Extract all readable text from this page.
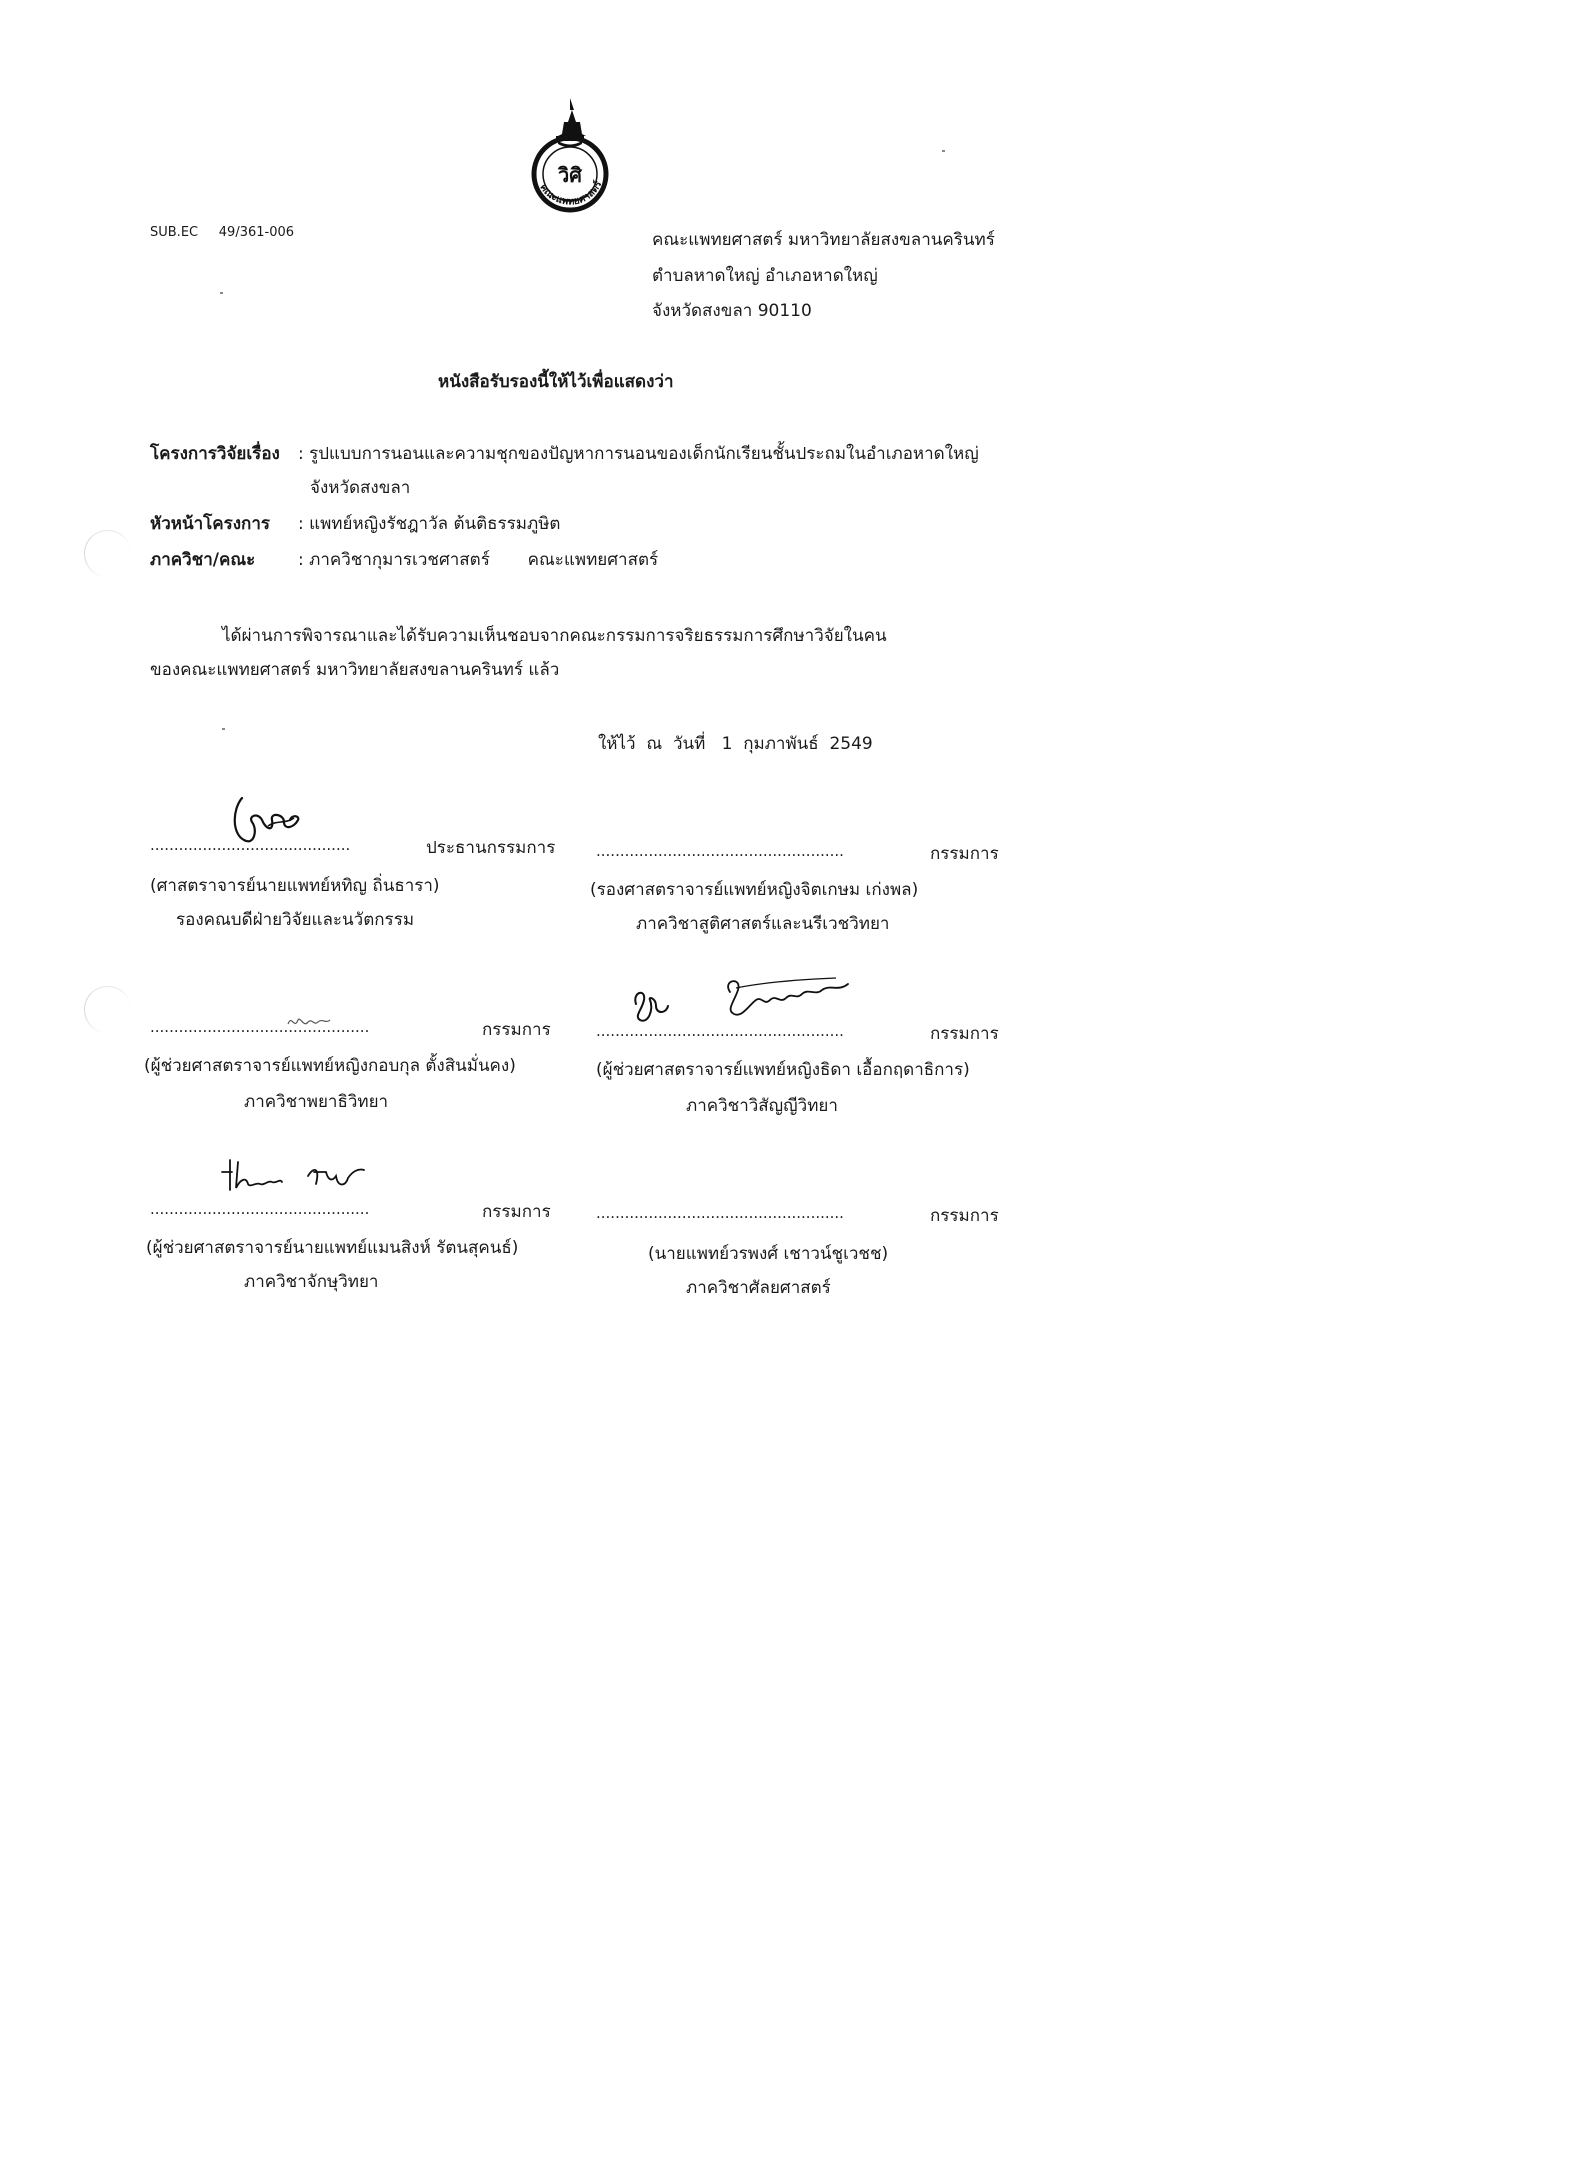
วิศิ
คณะแพทยศาสตร์
SUB.EC     49/361-006	คณะแพทยศาสตร์ มหาวิทยาลัยสงขลานครินทร์
ตำบลหาดใหญ่ อำเภอหาดใหญ่
จังหวัดสงขลา 90110
หนังสือรับรองนี้ให้ไว้เพื่อแสดงว่า
โครงการวิจัยเรื่อง : รูปแบบการนอนและความชุกของปัญหาการนอนของเด็กนักเรียนชั้นประถมในอำเภอหาดใหญ่
จังหวัดสงขลา
หัวหน้าโครงการ : แพทย์หญิงรัชฎาวัล ต้นติธรรมภูษิต
ภาควิชา/คณะ	: ภาควิชากุมารเวชศาสตร์       คณะแพทยศาสตร์
ได้ผ่านการพิจารณาและได้รับความเห็นชอบจากคณะกรรมการจริยธรรมการศึกษาวิจัยในคน
ของคณะแพทยศาสตร์ มหาวิทยาลัยสงขลานครินทร์ แล้ว
ให้ไว้  ณ  วันที่   1  กุมภาพันธ์  2549
..........................................	ประธานกรรมการ
(ศาสตราจารย์นายแพทย์หทิญ ถิ่นธารา)
รองคณบดีฝ่ายวิจัยและนวัตกรรม
....................................................	กรรมการ
(รองศาสตราจารย์แพทย์หญิงจิตเกษม เก่งพล)
ภาควิชาสูติศาสตร์และนรีเวชวิทยา
..............................................	กรรมการ
(ผู้ช่วยศาสตราจารย์แพทย์หญิงกอบกุล ตั้งสินมั่นคง)
ภาควิชาพยาธิวิทยา
....................................................	กรรมการ
(ผู้ช่วยศาสตราจารย์แพทย์หญิงธิดา เอื้อกฤดาธิการ)
ภาควิชาวิสัญญีวิทยา
..............................................	กรรมการ
(ผู้ช่วยศาสตราจารย์นายแพทย์แมนสิงห์ รัตนสุคนธ์)
ภาควิชาจักษุวิทยา
....................................................	กรรมการ
(นายแพทย์วรพงศ์ เชาวน์ชูเวชช)
ภาควิชาศัลยศาสตร์
